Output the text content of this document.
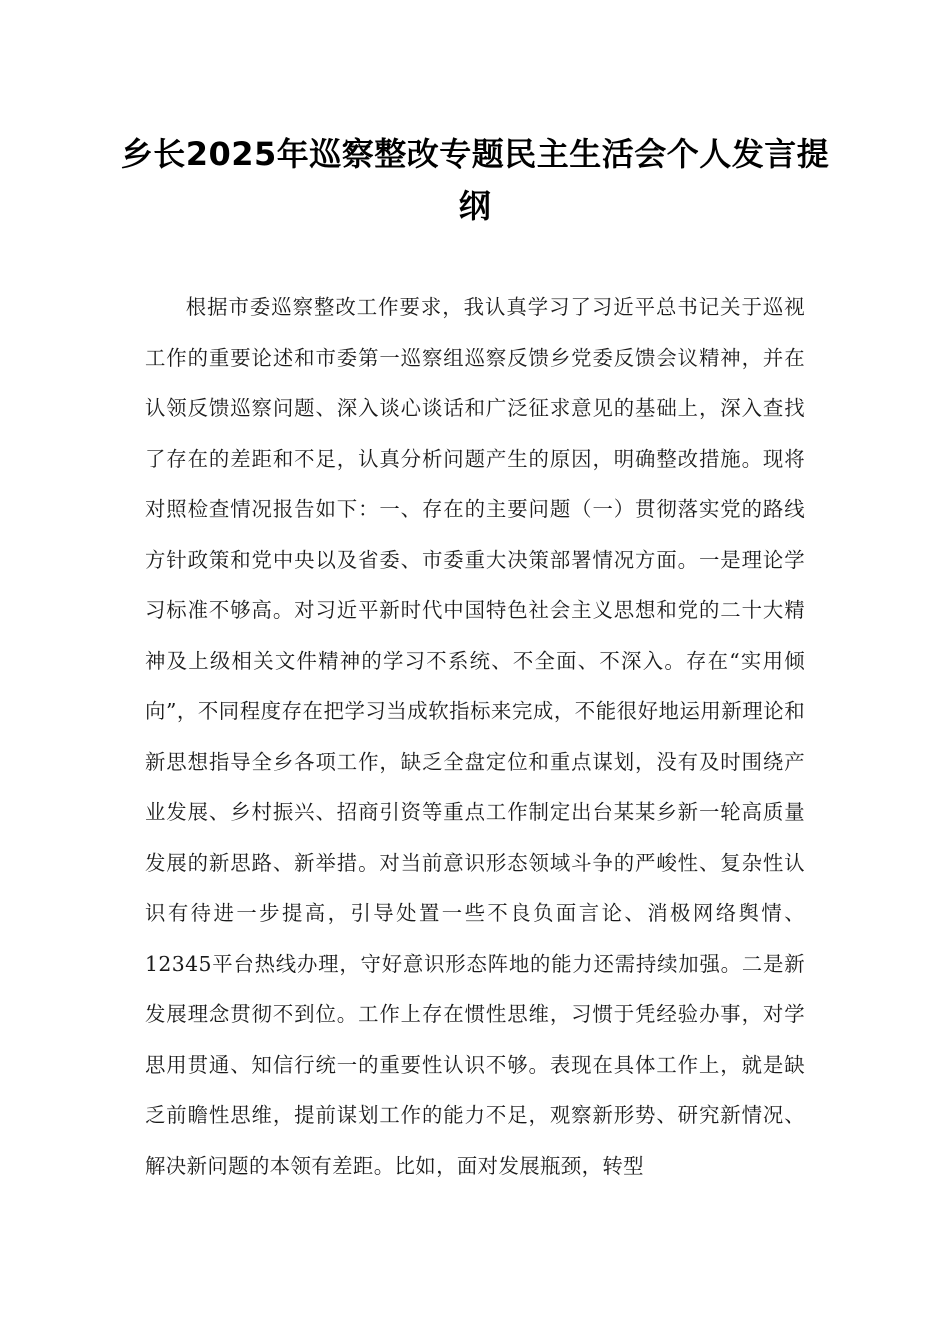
乡长2025年巡察整改专题民主生活会个人发言提纲

根据市委巡察整改工作要求，我认真学习了习近平总书记关于巡视工作的重要论述和市委第一巡察组巡察反馈乡党委反馈会议精神，并在认领反馈巡察问题、深入谈心谈话和广泛征求意见的基础上，深入查找了存在的差距和不足，认真分析问题产生的原因，明确整改措施。现将对照检查情况报告如下：一、存在的主要问题（一）贯彻落实党的路线方针政策和党中央以及省委、市委重大决策部署情况方面。一是理论学习标准不够高。对习近平新时代中国特色社会主义思想和党的二十大精神及上级相关文件精神的学习不系统、不全面、不深入。存在“实用倾向”，不同程度存在把学习当成软指标来完成，不能很好地运用新理论和新思想指导全乡各项工作，缺乏全盘定位和重点谋划，没有及时围绕产业发展、乡村振兴、招商引资等重点工作制定出台某某乡新一轮高质量发展的新思路、新举措。对当前意识形态领域斗争的严峻性、复杂性认识有待进一步提高，引导处置一些不良负面言论、消极网络舆情、12345平台热线办理，守好意识形态阵地的能力还需持续加强。二是新发展理念贯彻不到位。工作上存在惯性思维，习惯于凭经验办事，对学思用贯通、知信行统一的重要性认识不够。表现在具体工作上，就是缺乏前瞻性思维，提前谋划工作的能力不足，观察新形势、研究新情况、解决新问题的本领有差距。比如，面对发展瓶颈，转型
